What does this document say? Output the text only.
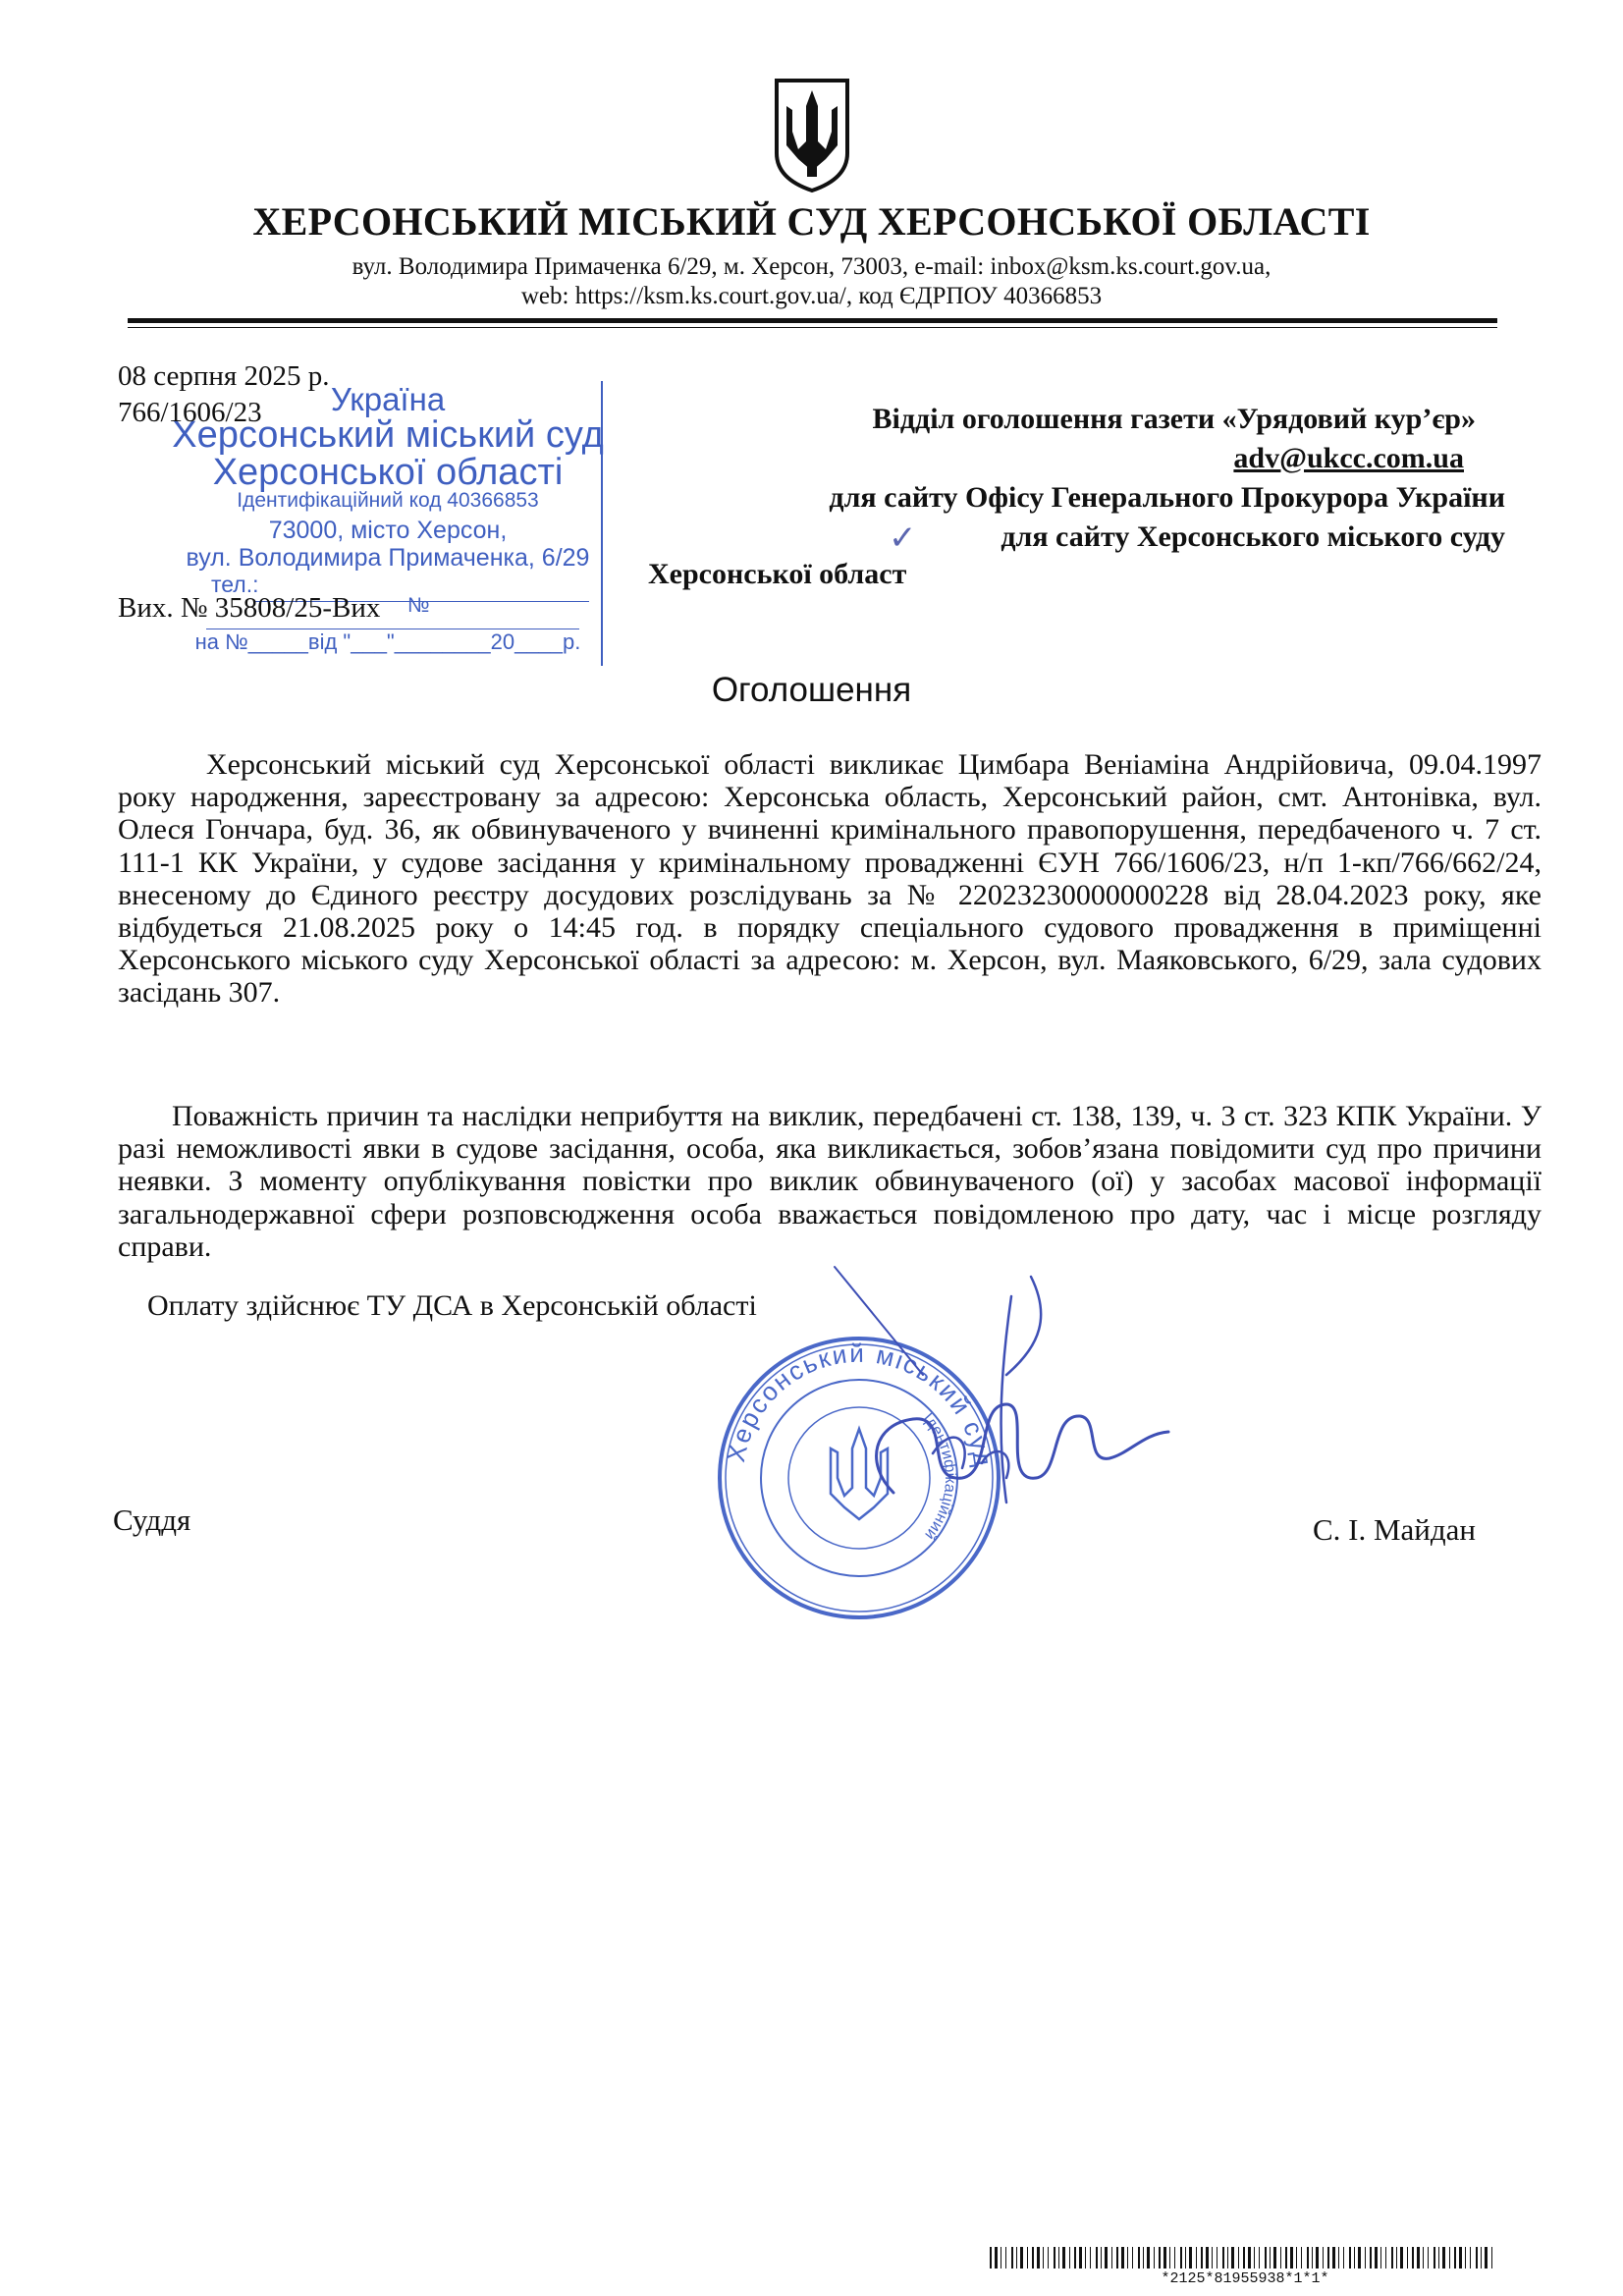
ХЕРСОНСЬКИЙ МІСЬКИЙ СУД ХЕРСОНСЬКОЇ ОБЛАСТІ
вул. Володимира Примаченка 6/29, м. Херсон, 73003, e-mail: inbox@ksm.ks.court.gov.ua,
web: https://ksm.ks.court.gov.ua/, код ЄДРПОУ 40366853
Україна
Херсонський міський суд
Херсонської області
Ідентифікаційний код 40366853
73000, місто Херсон,
вул. Володимира Примаченка, 6/29
тел.:
№
на №_____від "___"________20____р.
08 серпня 2025 р.
766/1606/23
Вих. № 35808/25-Вих
Відділ оголошення газети «Урядовий кур’єр»
adv@ukcc.com.ua
для сайту Офісу Генерального Прокурора України
✓	для сайту Херсонського міського суду
Херсонської област
Оголошення
Херсонський міський суд Херсонської області викликає Цимбара Веніаміна Андрійовича, 09.04.1997 року народження, зареєстровану за адресою: Херсонська область, Херсонський район, смт. Антонівка, вул. Олеся Гончара, буд. 36, як обвинуваченого у вчиненні кримінального правопорушення, передбаченого ч. 7 ст. 111-1 КК України, у судове засідання у кримінальному провадженні ЄУН 766/1606/23, н/п 1-кп/766/662/24, внесеному до Єдиного реєстру досудових розслідувань за № 22023230000000228 від 28.04.2023 року, яке відбудеться 21.08.2025 року о 14:45 год. в порядку спеціального судового провадження в приміщенні Херсонського міського суду Херсонської області за адресою: м. Херсон, вул. Маяковського, 6/29, зала судових засідань 307.
Поважність причин та наслідки неприбуття на виклик, передбачені ст. 138, 139, ч. 3 ст. 323 КПК України. У разі неможливості явки в судове засідання, особа, яка викликається, зобов’язана повідомити суд про причини неявки. З моменту опублікування повістки про виклик обвинуваченого (ої) у засобах масової інформації загальнодержавної сфери розповсюдження особа вважається повідомленою про дату, час і місце розгляду справи.
Оплату здійснює ТУ ДСА в Херсонській області
Херсонський міський суд
Ідентифікаційний
Суддя	С. І. Майдан
*2125*81955938*1*1*
